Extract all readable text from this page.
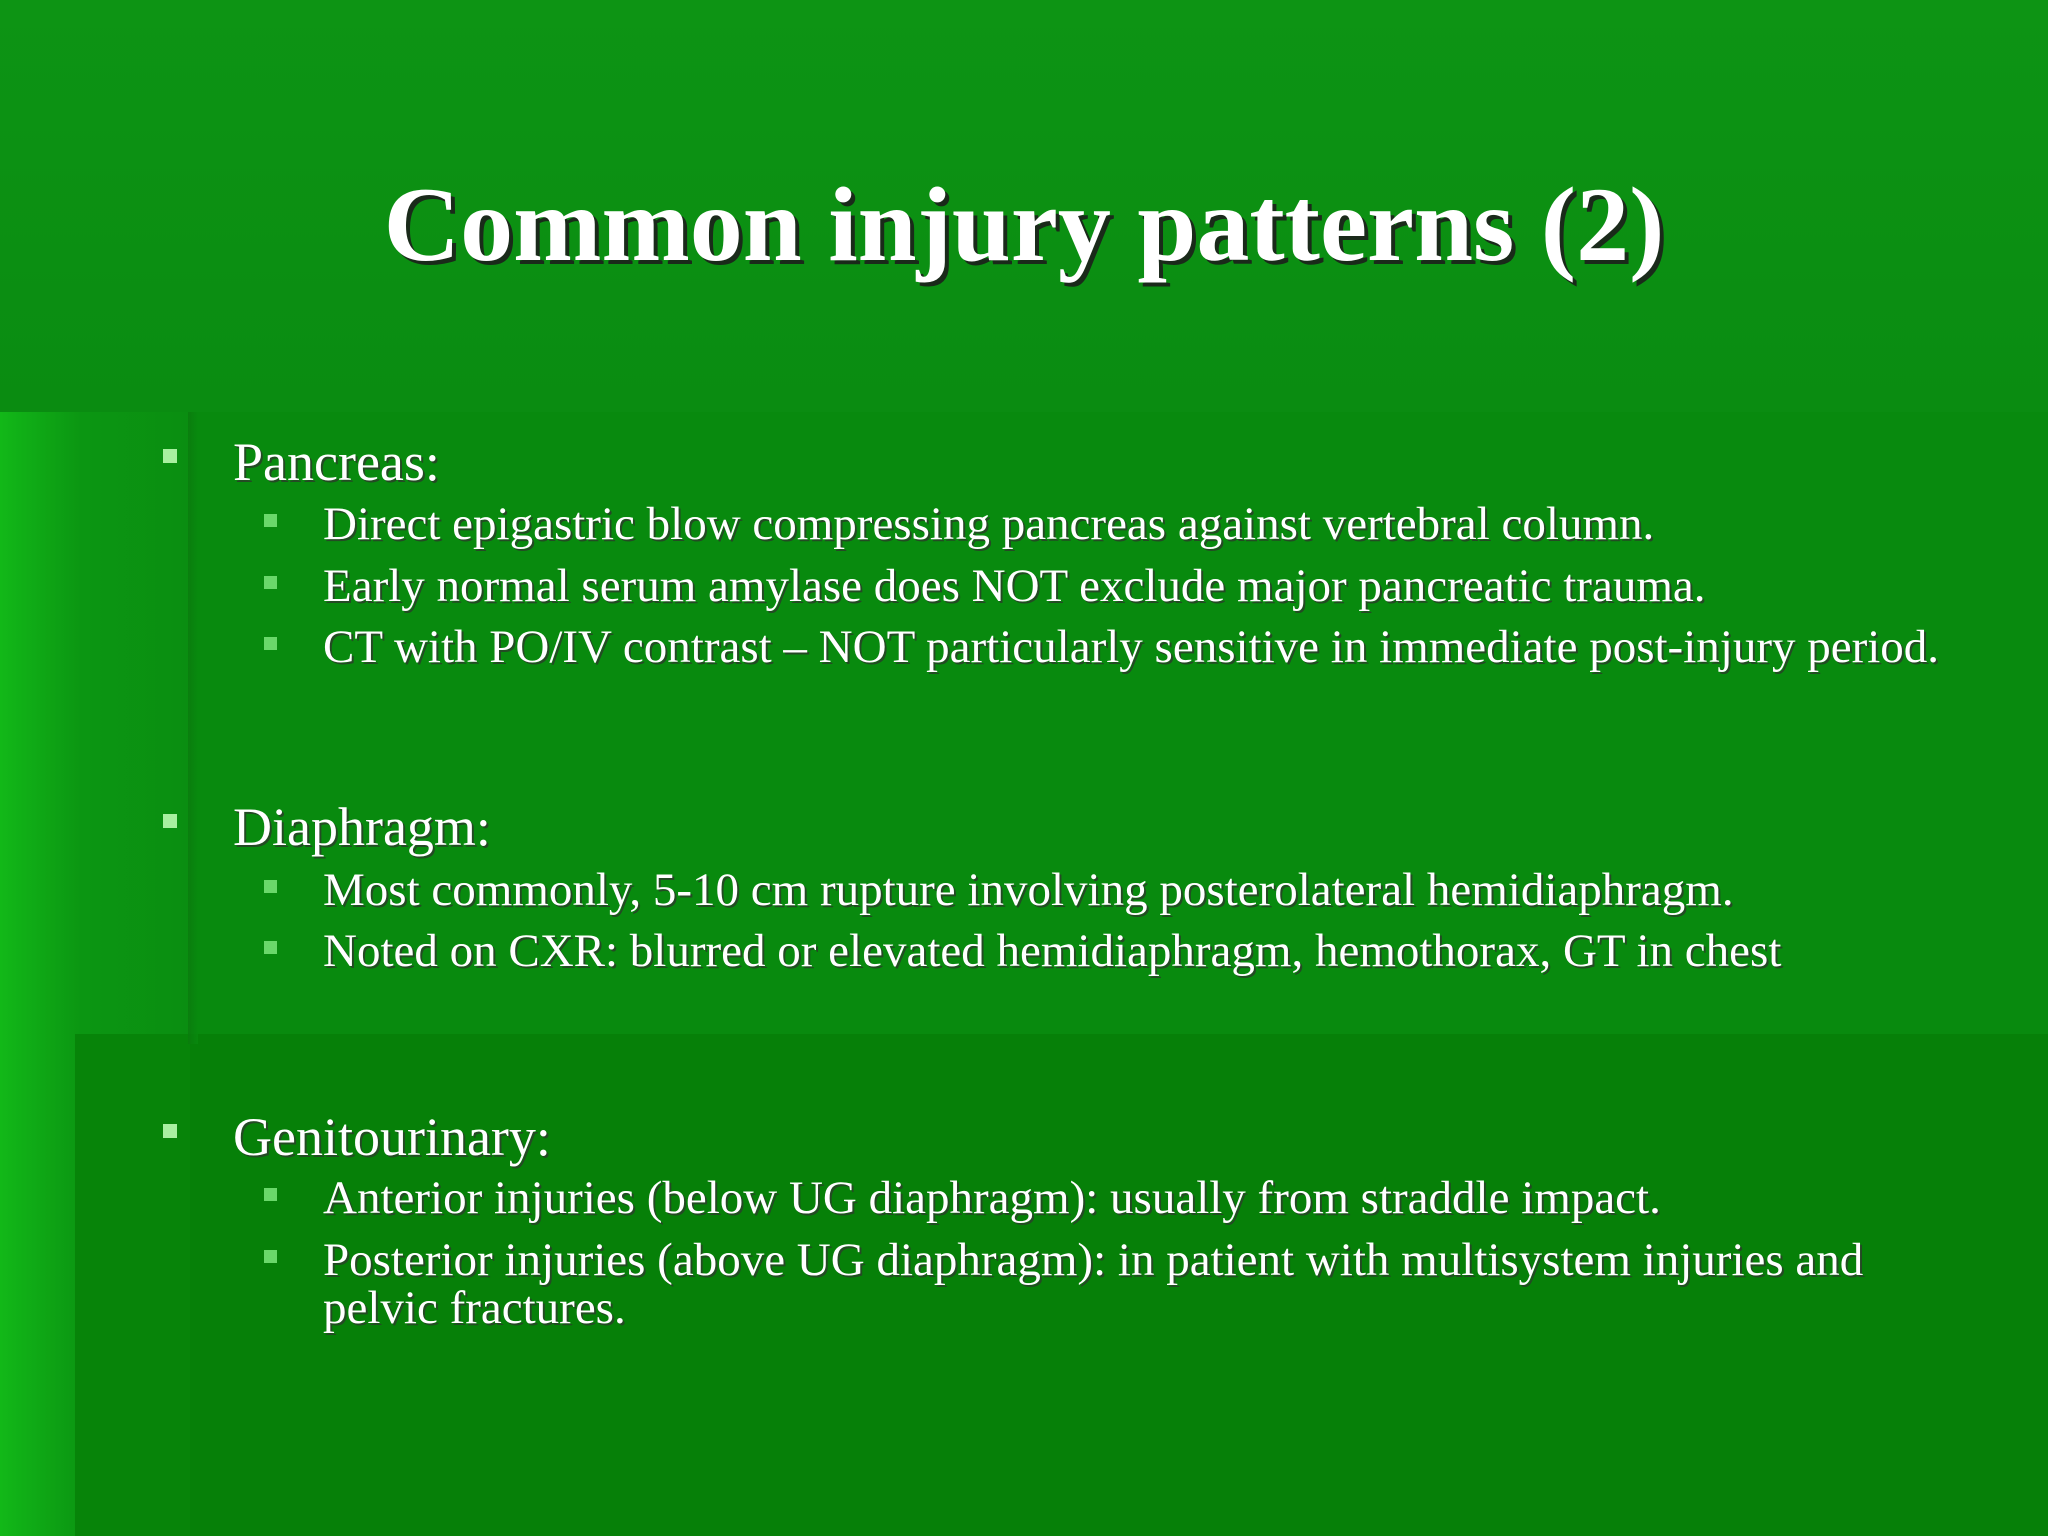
Common injury patterns (2)
Pancreas:
Direct epigastric blow compressing pancreas against vertebral column.
Early normal serum amylase does NOT exclude major pancreatic trauma.
CT with PO/IV contrast – NOT particularly sensitive in immediate post-injury period.
Diaphragm:
Most commonly, 5-10 cm rupture involving posterolateral hemidiaphragm.
Noted on CXR: blurred or elevated hemidiaphragm, hemothorax, GT in chest
Genitourinary:
Anterior injuries (below UG diaphragm): usually from straddle impact.
Posterior injuries (above UG diaphragm): in patient with multisystem injuries and pelvic fractures.
